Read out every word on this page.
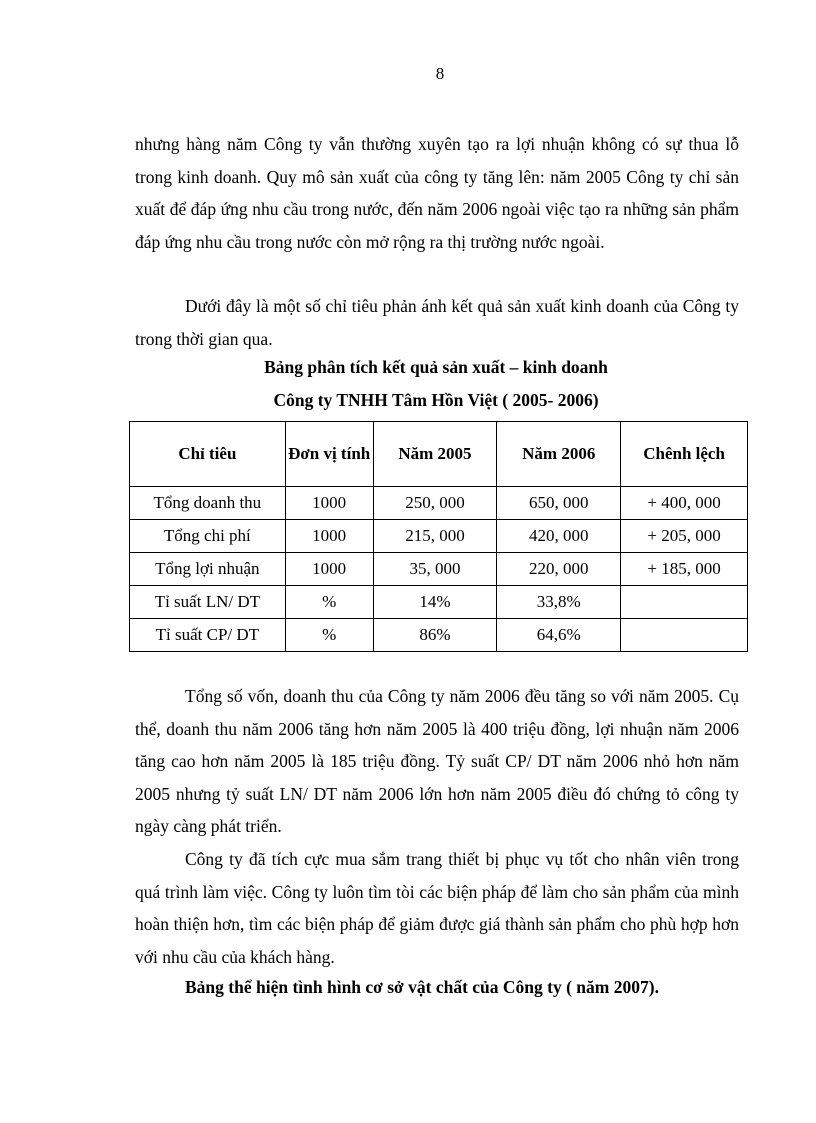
8

nhưng hàng năm Công ty vẫn thường xuyên tạo ra lợi nhuận không có sự thua lỗ trong kinh doanh. Quy mô sản xuất của công ty tăng lên: năm 2005 Công ty chỉ sản xuất để đáp ứng nhu cầu trong nước, đến năm 2006 ngoài việc tạo ra những sản phẩm đáp ứng nhu cầu trong nước còn mở rộng ra thị trường nước ngoài.

Dưới đây là một số chỉ tiêu phản ánh kết quả sản xuất kinh doanh của Công ty trong thời gian qua.

Bảng phân tích kết quả sản xuất – kinh doanh
Công ty TNHH Tâm Hồn Việt ( 2005- 2006)
Chỉ tiêu	Đơn vị tính	Năm 2005	Năm 2006	Chênh lệch
Tổng doanh thu	1000	250, 000	650, 000	+ 400, 000
Tổng chi phí	1000	215, 000	420, 000	+ 205, 000
Tổng lợi nhuận	1000	35, 000	220, 000	+ 185, 000
Tỉ suất LN/ DT	%	14%	33,8%	
Tỉ suất CP/ DT	%	86%	64,6%	

Tổng số vốn, doanh thu của Công ty năm 2006 đều tăng so với năm 2005. Cụ thể, doanh thu năm 2006 tăng hơn năm 2005 là 400 triệu đồng, lợi nhuận năm 2006 tăng cao hơn năm 2005 là 185 triệu đồng. Tỷ suất CP/ DT năm 2006 nhỏ hơn năm 2005 nhưng tỷ suất LN/ DT năm 2006 lớn hơn năm 2005 điều đó chứng tỏ công ty ngày càng phát triển.

Công ty đã tích cực mua sắm trang thiết bị phục vụ tốt cho nhân viên trong quá trình làm việc. Công ty luôn tìm tòi các biện pháp để làm cho sản phẩm của mình hoàn thiện hơn, tìm các biện pháp để giảm được giá thành sản phẩm cho phù hợp hơn với nhu cầu của khách hàng.

Bảng thể hiện tình hình cơ sở vật chất của Công ty ( năm 2007).
